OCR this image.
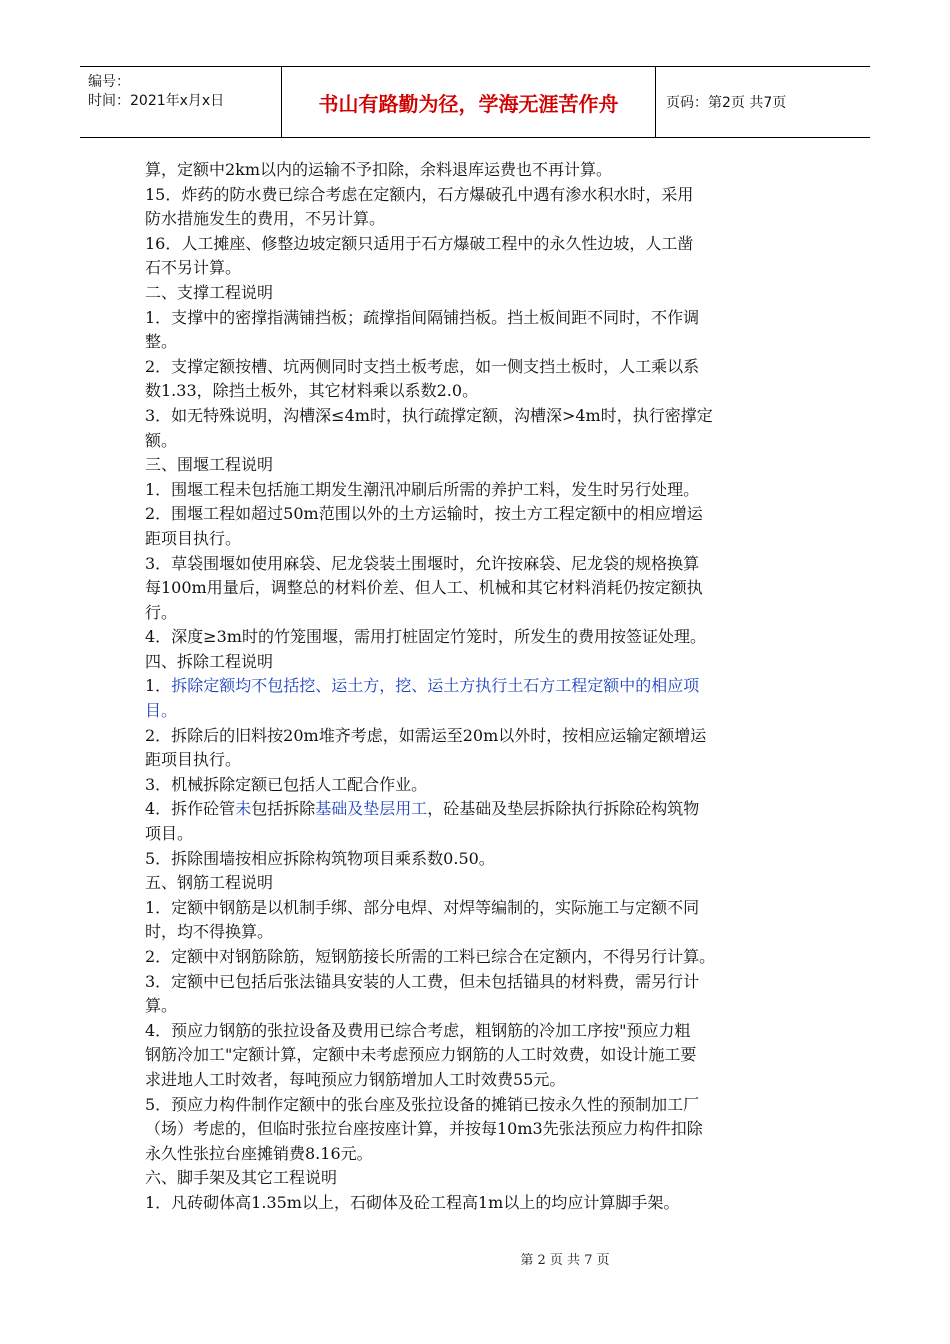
编号：
时间：2021年x月x日	书山有路勤为径，学海无涯苦作舟	页码：第2页 共7页

算，定额中2km以内的运输不予扣除，余料退库运费也不再计算。

15．炸药的防水费已综合考虑在定额内，石方爆破孔中遇有渗水积水时，采用

防水措施发生的费用，不另计算。

16．人工摊座、修整边坡定额只适用于石方爆破工程中的永久性边坡，人工凿

石不另计算。

二、支撑工程说明

1．支撑中的密撑指满铺挡板；疏撑指间隔铺挡板。挡土板间距不同时，不作调

整。

2．支撑定额按槽、坑两侧同时支挡土板考虑，如一侧支挡土板时，人工乘以系

数1.33，除挡土板外，其它材料乘以系数2.0。

3．如无特殊说明，沟槽深≤4m时，执行疏撑定额，沟槽深>4m时，执行密撑定

额。

三、围堰工程说明

1．围堰工程未包括施工期发生潮汛冲刷后所需的养护工料，发生时另行处理。

2．围堰工程如超过50m范围以外的土方运输时，按土方工程定额中的相应增运

距项目执行。

3．草袋围堰如使用麻袋、尼龙袋装土围堰时，允许按麻袋、尼龙袋的规格换算

每100m用量后，调整总的材料价差、但人工、机械和其它材料消耗仍按定额执

行。

4．深度≥3m时的竹笼围堰，需用打桩固定竹笼时，所发生的费用按签证处理。

四、拆除工程说明

1．拆除定额均不包括挖、运土方，挖、运土方执行土石方工程定额中的相应项

目。

2．拆除后的旧料按20m堆齐考虑，如需运至20m以外时，按相应运输定额增运

距项目执行。

3．机械拆除定额已包括人工配合作业。

4．拆作砼管未包括拆除基础及垫层用工，砼基础及垫层拆除执行拆除砼构筑物

项目。

5．拆除围墙按相应拆除构筑物项目乘系数0.50。

五、钢筋工程说明

1．定额中钢筋是以机制手绑、部分电焊、对焊等编制的，实际施工与定额不同

时，均不得换算。

2．定额中对钢筋除筋，短钢筋接长所需的工料已综合在定额内，不得另行计算。

3．定额中已包括后张法锚具安装的人工费，但未包括锚具的材料费，需另行计

算。

4．预应力钢筋的张拉设备及费用已综合考虑，粗钢筋的冷加工序按"预应力粗

钢筋冷加工"定额计算，定额中未考虑预应力钢筋的人工时效费，如设计施工要

求进地人工时效者，每吨预应力钢筋增加人工时效费55元。

5．预应力构件制作定额中的张台座及张拉设备的摊销已按永久性的预制加工厂

（场）考虑的，但临时张拉台座按座计算，并按每10m3先张法预应力构件扣除

永久性张拉台座摊销费8.16元。

六、脚手架及其它工程说明

1．凡砖砌体高1.35m以上，石砌体及砼工程高1m以上的均应计算脚手架。

第 2 页 共 7 页
